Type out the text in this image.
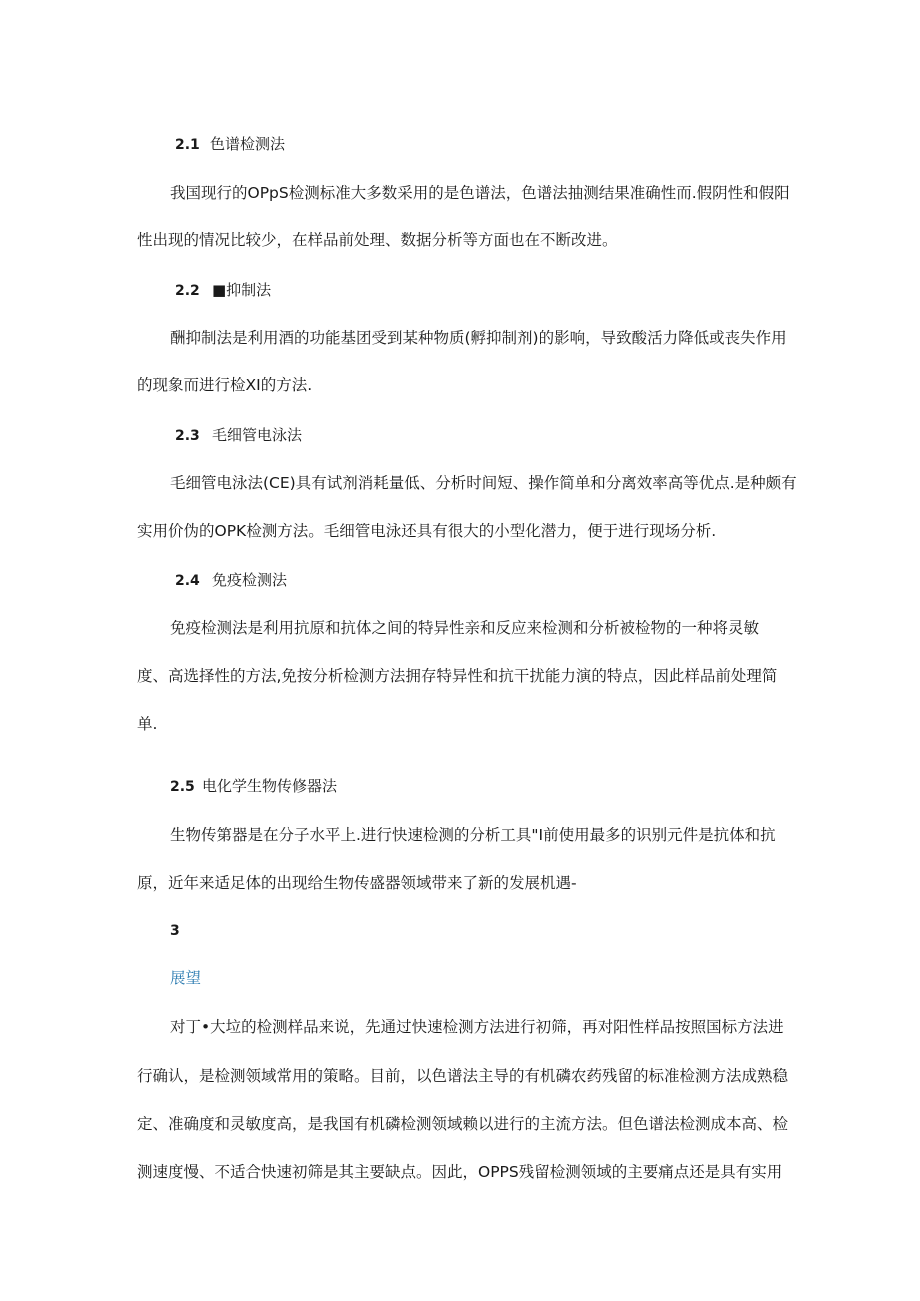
2.1 色谱检测法
我国现行的OPpS检测标准大多数采用的是色谱法，色谱法抽测结果准确性而.假阴性和假阳
性出现的情况比较少，在样品前处理、数据分析等方面也在不断改进。
2.2 ■抑制法
酬抑制法是利用酒的功能基团受到某种物质(孵抑制剂)的影响，导致酸活力降低或丧失作用
的现象而进行检XI的方法.
2.3 毛细管电泳法
毛细管电泳法(CE)具有试剂消耗量低、分析时间短、操作简单和分离效率高等优点.是种颇有
实用价伪的OPK检测方法。毛细管电泳还具有很大的小型化潜力，便于进行现场分析.
2.4 免疫检测法
免疫检测法是利用抗原和抗体之间的特异性亲和反应来检测和分析被检物的一种将灵敏
度、高选择性的方法,免按分析检测方法拥存特异性和抗干扰能力演的特点，因此样品前处理简
单.
2.5 电化学生物传修器法
生物传第器是在分子水平上.进行快速检测的分析工具"I前使用最多的识别元件是抗体和抗
原，近年来适足体的出现给生物传盛器领域带来了新的发展机遇-
3
展望
对丁•大垃的检测样品来说，先通过快速检测方法进行初筛，再对阳性样品按照国标方法进
行确认，是检测领域常用的策略。目前，以色谱法主导的有机磷农药残留的标准检测方法成熟稳
定、准确度和灵敏度高，是我国有机磷检测领域赖以进行的主流方法。但色谱法检测成本高、检
测速度慢、不适合快速初筛是其主要缺点。因此，OPPS残留检测领域的主要痛点还是具有实用
